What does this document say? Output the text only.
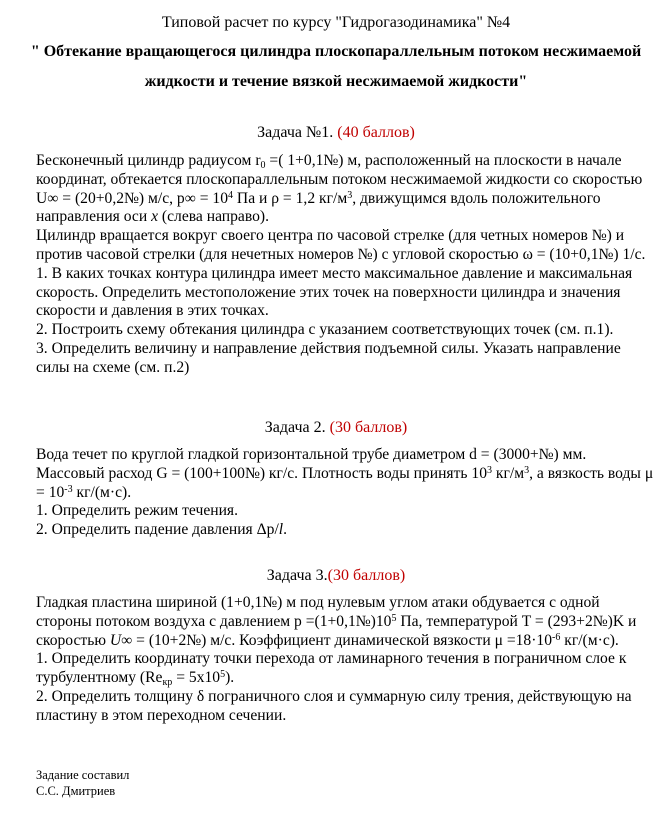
Типовой расчет по курсу "Гидрогазодинамика" №4
" Обтекание вращающегося цилиндра плоскопараллельным потоком несжимаемой
жидкости и течение вязкой несжимаемой жидкости"
Задача №1. (40 баллов)

Бесконечный цилиндр радиусом $r_0$ =( 1+0,1№) м, расположенный на плоскости в начале координат, обтекается плоскопараллельным потоком несжимаемой жидкости со скоростью U∞ = (20+0,2№) м/с, $p\infty = 10^4$ Па и ρ = 1,2 $кг/м^3$, движущимся вдоль положительного направления оси x (слева направо).

Цилиндр вращается вокруг своего центра по часовой стрелке (для четных номеров №) и против часовой стрелки (для нечетных номеров №) с угловой скоростью ω = (10+0,1№) 1/с.

1. В каких точках контура цилиндра имеет место максимальное давление и максимальная скорость. Определить местоположение этих точек на поверхности цилиндра и значения скорости и давления в этих точках.

2. Построить схему обтекания цилиндра с указанием соответствующих точек (см. п.1).

3. Определить величину и направление действия подъемной силы. Указать направление силы на схеме (см. п.2)

Задача 2. (30 баллов)

Вода течет по круглой гладкой горизонтальной трубе диаметром d = (3000+№) мм. Массовый расход G = (100+100№) кг/с. Плотность воды принять $10^3$ $кг/м^3$, а вязкость воды $\mu = 10^{-3}$ кг/(м·с).

1. Определить режим течения.

2. Определить падение давления Δp/l.

Задача 3.(30 баллов)

Гладкая пластина шириной (1+0,1№) м под нулевым углом атаки обдувается с одной стороны потоком воздуха с давлением $p =(1+0,1№)10^5$ Па, температурой T = (293+2№)K и скоростью U∞ = (10+2№) м/с. Коэффициент динамической вязкости $\mu =18\cdot 10^{-6}$ кг/(м·с).

1. Определить координату точки перехода от ламинарного течения в пограничном слое к турбулентному $(Re_{кр} = 5x10^5)$.

2. Определить толщину δ пограничного слоя и суммарную силу трения, действующую на пластину в этом переходном сечении.

Задание составил
С.С. Дмитриев
